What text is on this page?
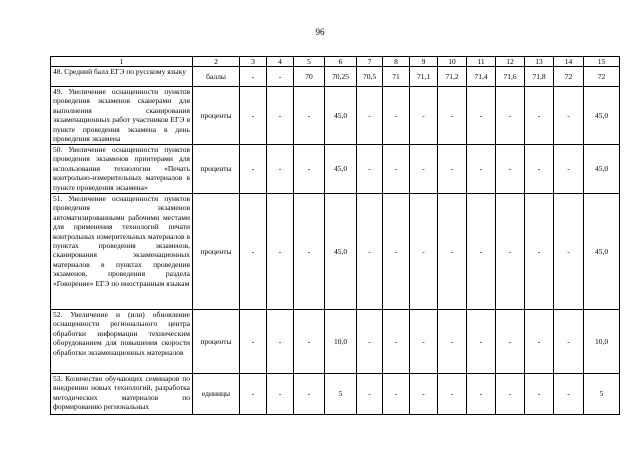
96
1	2	3	4	5	6	7	8	9	10	11	12	13	14	15
48. Средний балл ЕГЭ по русскому языку	баллы	-	-	70	70,25	70,5	71	71,1	71,2	71,4	71,6	71,8	72	72
49. Увеличение оснащенности пунктов проведения экзаменов сканерами для выполнения сканирования экзаменационных работ участников ЕГЭ в пункте проведения экзамена в день проведения экзамена	проценты	-	-	-	45,0	-	-	-	-	-	-	-	-	45,0
50. Увеличение оснащенности пунктов проведения экзаменов принтерами для использования технологии «Печать контрольно-измерительных материалов в пункте проведения экзамена»	проценты	-	-	-	45,0	-	-	-	-	-	-	-	-	45,0
51. Увеличение оснащенности пунктов проведения экзаменов автоматизированными рабочими местами для применения технологий печати контрольных измерительных материалов в пунктах проведения экзаменов, сканирования экзаменационных материалов в пунктах проведения экзаменов, проведения раздела «Говорение» ЕГЭ по иностранным языкам	проценты	-	-	-	45,0	-	-	-	-	-	-	-	-	45,0
52. Увеличение и (или) обновление оснащенности регионального центра обработки информации техническим оборудованием для повышения скорости обработки экзаменационных материалов	проценты	-	-	-	10,0	-	-	-	-	-	-	-	-	10,0
53. Количество обучающих семинаров по внедрению новых технологий, разработка методических материалов по формированию региональных	единицы	-	-	-	5	-	-	-	-	-	-	-	-	5
